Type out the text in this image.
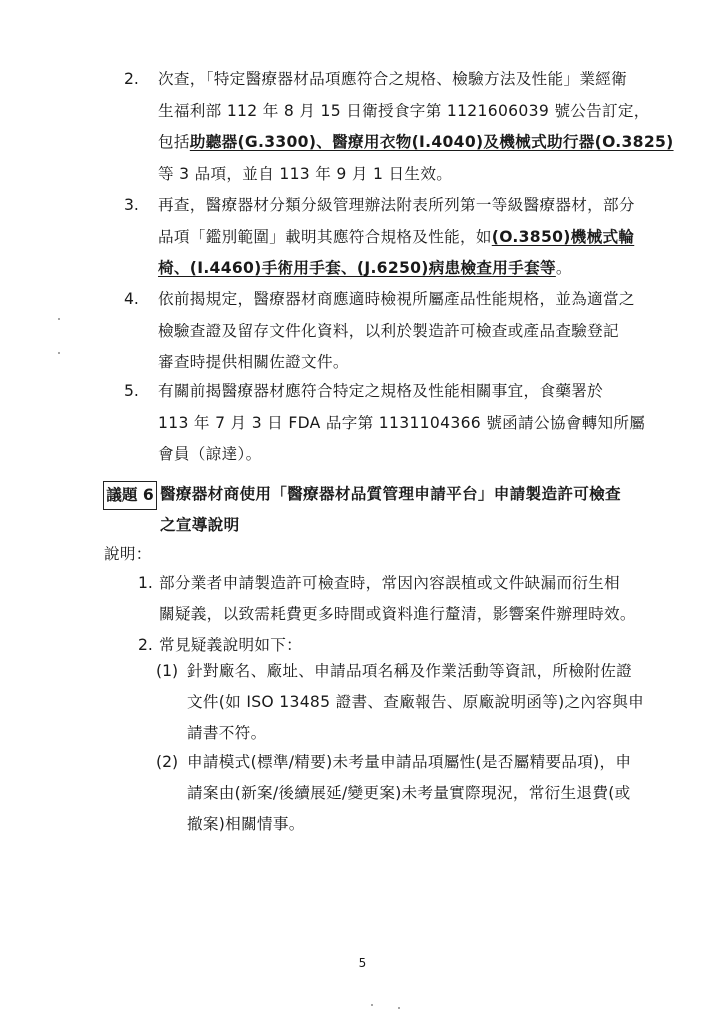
2.	次查，「特定醫療器材品項應符合之規格、檢驗方法及性能」業經衛
生福利部 112 年 8 月 15 日衛授食字第 1121606039 號公告訂定，
包括助聽器(G.3300)、醫療用衣物(I.4040)及機械式助行器(O.3825)
等 3 品項，並自 113 年 9 月 1 日生效。
3.	再查，醫療器材分類分級管理辦法附表所列第一等級醫療器材，部分
品項「鑑別範圍」載明其應符合規格及性能，如(O.3850)機械式輪
椅、(I.4460)手術用手套、(J.6250)病患檢查用手套等。
4.	依前揭規定，醫療器材商應適時檢視所屬產品性能規格，並為適當之
檢驗查證及留存文件化資料，以利於製造許可檢查或產品查驗登記
審查時提供相關佐證文件。
5.	有關前揭醫療器材應符合特定之規格及性能相關事宜，食藥署於
113 年 7 月 3 日 FDA 品字第 1131104366 號函請公協會轉知所屬
會員（諒達）。
議題 6 醫療器材商使用「醫療器材品質管理申請平台」申請製造許可檢查
之宣導說明
說明：
1. 部分業者申請製造許可檢查時，常因內容誤植或文件缺漏而衍生相
關疑義，以致需耗費更多時間或資料進行釐清，影響案件辦理時效。
2. 常見疑義說明如下：
(1) 針對廠名、廠址、申請品項名稱及作業活動等資訊，所檢附佐證
文件(如 ISO 13485 證書、查廠報告、原廠說明函等)之內容與申
請書不符。
(2) 申請模式(標準/精要)未考量申請品項屬性(是否屬精要品項)，申
請案由(新案/後續展延/變更案)未考量實際現況，常衍生退費(或
撤案)相關情事。
5
